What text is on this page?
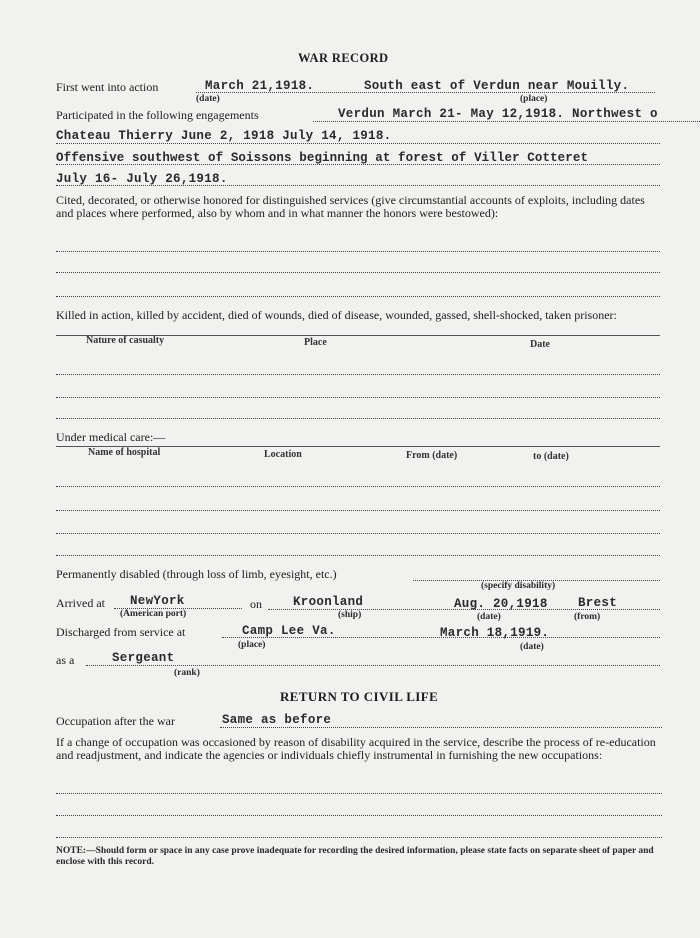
WAR RECORD
First went into action	March 21,1918.	South east of Verdun near Mouilly.
(date)	(place)
Participated in the following engagements	Verdun March 21- May 12,1918. Northwest o
Chateau Thierry June 2, 1918 July 14, 1918.
Offensive southwest of Soissons beginning at forest of Viller Cotteret
July 16- July 26,1918.
Cited, decorated, or otherwise honored for distinguished services (give circumstantial accounts of exploits, including dates and places where performed, also by whom and in what manner the honors were bestowed):
Killed in action, killed by accident, died of wounds, died of disease, wounded, gassed, shell-shocked, taken prisoner:
Nature of casualty	Place	Date
Under medical care:—
Name of hospital	Location	From (date)	to (date)
Permanently disabled (through loss of limb, eyesight, etc.)
(specify disability)
Arrived at NewYork
(American port)
on Kroonland
(ship)
Aug. 20,1918
(date)
Brest
(from)
Discharged from service at	Camp Lee Va.
(place)
March 18,1919.
(date)
as a	Sergeant
(rank)
RETURN TO CIVIL LIFE
Occupation after the war	Same as before
If a change of occupation was occasioned by reason of disability acquired in the service, describe the process of re-education and readjustment, and indicate the agencies or individuals chiefly instrumental in furnishing the new occupations:
NOTE:—Should form or space in any case prove inadequate for recording the desired information, please state facts on separate sheet of paper and enclose with this record.
